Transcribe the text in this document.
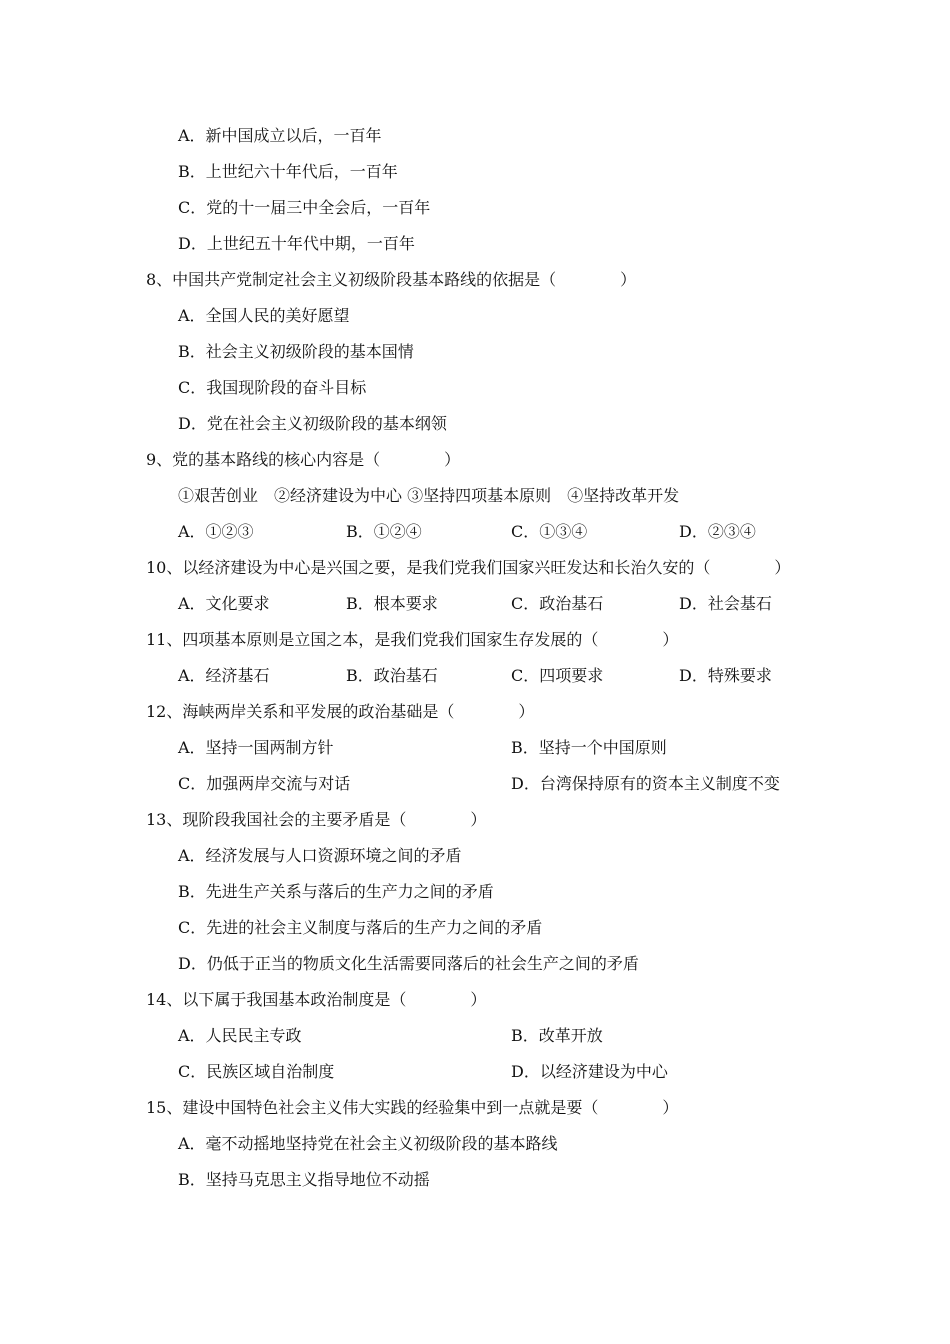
A．新中国成立以后，一百年
B．上世纪六十年代后，一百年
C．党的十一届三中全会后，一百年
D．上世纪五十年代中期，一百年
8、中国共产党制定社会主义初级阶段基本路线的依据是（　　　　）
A．全国人民的美好愿望
B．社会主义初级阶段的基本国情
C．我国现阶段的奋斗目标
D．党在社会主义初级阶段的基本纲领
9、党的基本路线的核心内容是（　　　　）
①艰苦创业　②经济建设为中心 ③坚持四项基本原则　④坚持改革开发
A．①②③	B．①②④	C．①③④	D．②③④
10、以经济建设为中心是兴国之要，是我们党我们国家兴旺发达和长治久安的（　　　　）
A．文化要求	B．根本要求	C．政治基石	D．社会基石
11、四项基本原则是立国之本，是我们党我们国家生存发展的（　　　　）
A．经济基石	B．政治基石	C．四项要求	D．特殊要求
12、海峡两岸关系和平发展的政治基础是（　　　　）
A．坚持一国两制方针	B．坚持一个中国原则
C．加强两岸交流与对话	D．台湾保持原有的资本主义制度不变
13、现阶段我国社会的主要矛盾是（　　　　）
A．经济发展与人口资源环境之间的矛盾
B．先进生产关系与落后的生产力之间的矛盾
C．先进的社会主义制度与落后的生产力之间的矛盾
D．仍低于正当的物质文化生活需要同落后的社会生产之间的矛盾
14、以下属于我国基本政治制度是（　　　　）
A．人民民主专政	B．改革开放
C．民族区域自治制度	D．以经济建设为中心
15、建设中国特色社会主义伟大实践的经验集中到一点就是要（　　　　）
A．毫不动摇地坚持党在社会主义初级阶段的基本路线
B．坚持马克思主义指导地位不动摇
